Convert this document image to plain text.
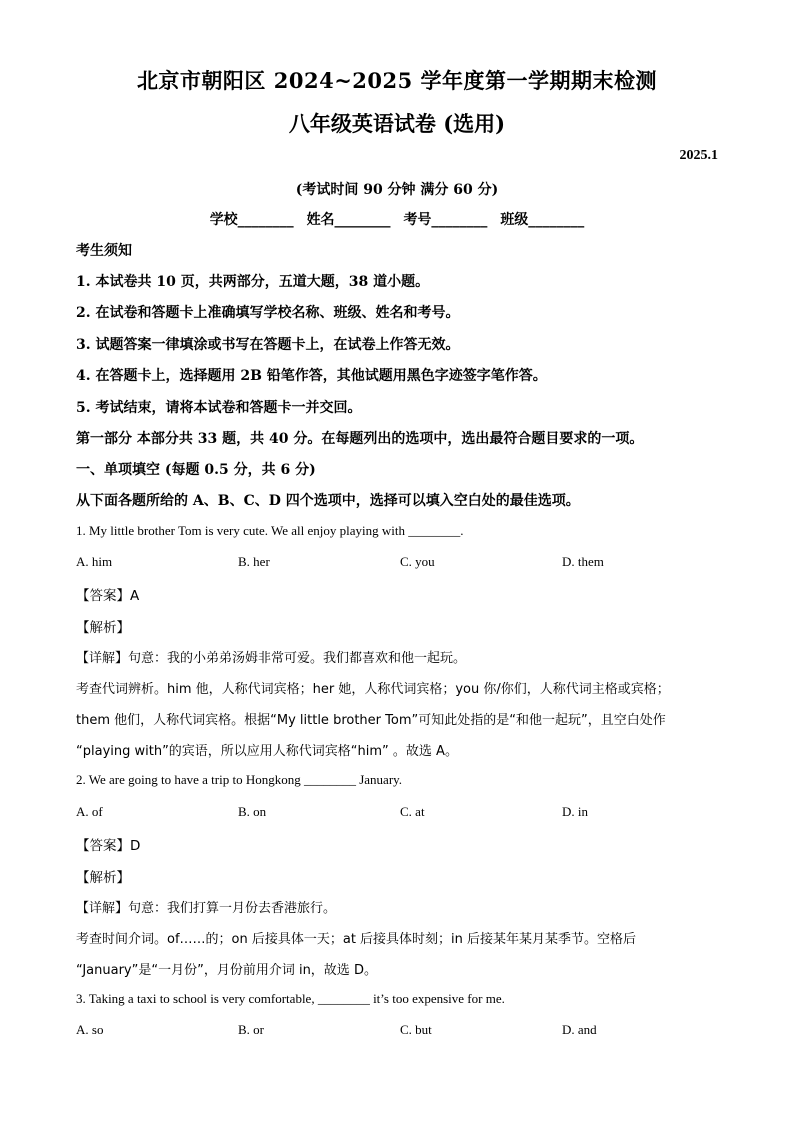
北京市朝阳区 2024~2025 学年度第一学期期末检测
八年级英语试卷 (选用)
2025.1
(考试时间 90 分钟 满分 60 分)
学校________ 姓名________ 考号________ 班级________
考生须知
1. 本试卷共 10 页，共两部分，五道大题，38 道小题。
2. 在试卷和答题卡上准确填写学校名称、班级、姓名和考号。
3. 试题答案一律填涂或书写在答题卡上，在试卷上作答无效。
4. 在答题卡上，选择题用 2B 铅笔作答，其他试题用黑色字迹签字笔作答。
5. 考试结束，请将本试卷和答题卡一并交回。
第一部分 本部分共 33 题，共 40 分。在每题列出的选项中，选出最符合题目要求的一项。
一、单项填空 (每题 0.5 分，共 6 分)
从下面各题所给的 A、B、C、D 四个选项中，选择可以填入空白处的最佳选项。
1. My little brother Tom is very cute. We all enjoy playing with ________.
A. him	B. her	C. you	D. them
【答案】A
【解析】
【详解】句意：我的小弟弟汤姆非常可爱。我们都喜欢和他一起玩。
考查代词辨析。him 他，人称代词宾格；her 她，人称代词宾格；you 你/你们，人称代词主格或宾格；
them 他们，人称代词宾格。根据“My little brother Tom”可知此处指的是“和他一起玩”，且空白处作
“playing with”的宾语，所以应用人称代词宾格“him” 。故选 A。
2. We are going to have a trip to Hongkong ________ January.
A. of	B. on	C. at	D. in
【答案】D
【解析】
【详解】句意：我们打算一月份去香港旅行。
考查时间介词。of……的；on 后接具体一天；at 后接具体时刻；in 后接某年某月某季节。空格后
“January”是“一月份”，月份前用介词 in，故选 D。
3. Taking a taxi to school is very comfortable, ________ it’s too expensive for me.
A. so	B. or	C. but	D. and
